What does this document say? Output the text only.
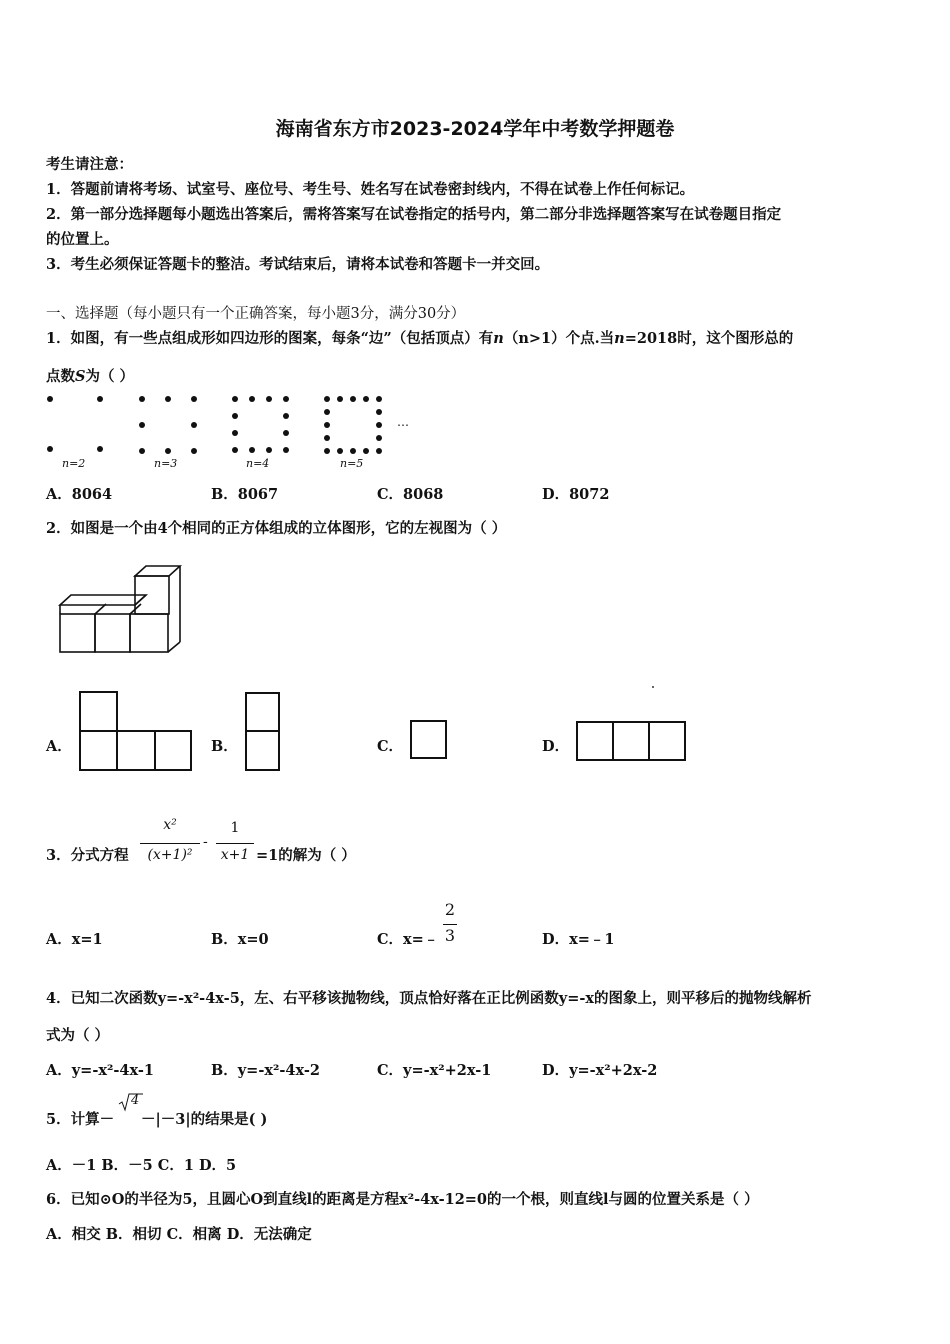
海南省东方市2023-2024学年中考数学押题卷
考生请注意：
1．答题前请将考场、试室号、座位号、考生号、姓名写在试卷密封线内，不得在试卷上作任何标记。
2．第一部分选择题每小题选出答案后，需将答案写在试卷指定的括号内，第二部分非选择题答案写在试卷题目指定
的位置上。
3．考生必须保证答题卡的整洁。考试结束后，请将本试卷和答题卡一并交回。
一、选择题（每小题只有一个正确答案，每小题3分，满分30分）
1．如图，有一些点组成形如四边形的图案，每条“边”（包括顶点）有n（n>1）个点.当n=2018时，这个图形总的
点数S为（ ）
n=2	n=3	n=4	n=5
…
A．8064	B．8067	C．8068	D．8072
2．如图是一个由4个相同的正方体组成的立体图形，它的左视图为（ ）
A．	B．	C．	D．
3．分式方程
x²
(x+1)²
-
1
x+1 =1的解为（ ）
A．x=1	B．x=0	C．x=﹣
2
3	D．x=﹣1
4．已知二次函数y=-x²-4x-5，左、右平移该抛物线，顶点恰好落在正比例函数y=-x的图象上，则平移后的抛物线解析
式为（ ）
A．y=-x²-4x-1	B．y=-x²-4x-2	C．y=-x²+2x-1	D．y=-x²+2x-2
5．计算－
4
－|－3|的结果是( )
A．－1 B．－5 C．1 D．5
6．已知⊙O的半径为5，且圆心O到直线l的距离是方程x²-4x-12=0的一个根，则直线l与圆的位置关系是（ ）
A．相交 B．相切 C．相离 D．无法确定
